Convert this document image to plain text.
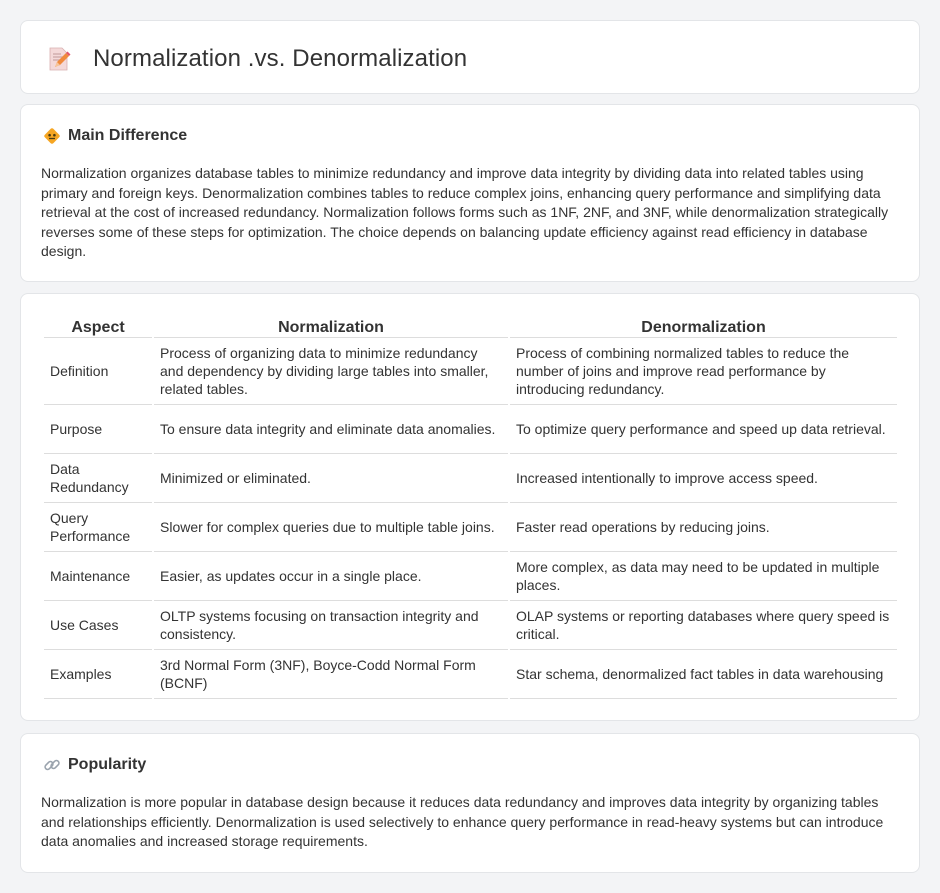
Normalization .vs. Denormalization
Main Difference

Normalization organizes database tables to minimize redundancy and improve data integrity by dividing data into related tables using primary and foreign keys. Denormalization combines tables to reduce complex joins, enhancing query performance and simplifying data retrieval at the cost of increased redundancy. Normalization follows forms such as 1NF, 2NF, and 3NF, while denormalization strategically reverses some of these steps for optimization. The choice depends on balancing update efficiency against read efficiency in database design.

Aspect	Normalization	Denormalization
Definition	Process of organizing data to minimize redundancy and dependency by dividing large tables into smaller, related tables.	Process of combining normalized tables to reduce the number of joins and improve read performance by introducing redundancy.
Purpose	To ensure data integrity and eliminate data anomalies.	To optimize query performance and speed up data retrieval.
Data Redundancy	Minimized or eliminated.	Increased intentionally to improve access speed.
Query Performance	Slower for complex queries due to multiple table joins.	Faster read operations by reducing joins.
Maintenance	Easier, as updates occur in a single place.	More complex, as data may need to be updated in multiple places.
Use Cases	OLTP systems focusing on transaction integrity and consistency.	OLAP systems or reporting databases where query speed is critical.
Examples	3rd Normal Form (3NF), Boyce-Codd Normal Form (BCNF)	Star schema, denormalized fact tables in data warehousing
Popularity

Normalization is more popular in database design because it reduces data redundancy and improves data integrity by organizing tables and relationships efficiently. Denormalization is used selectively to enhance query performance in read-heavy systems but can introduce data anomalies and increased storage requirements.
